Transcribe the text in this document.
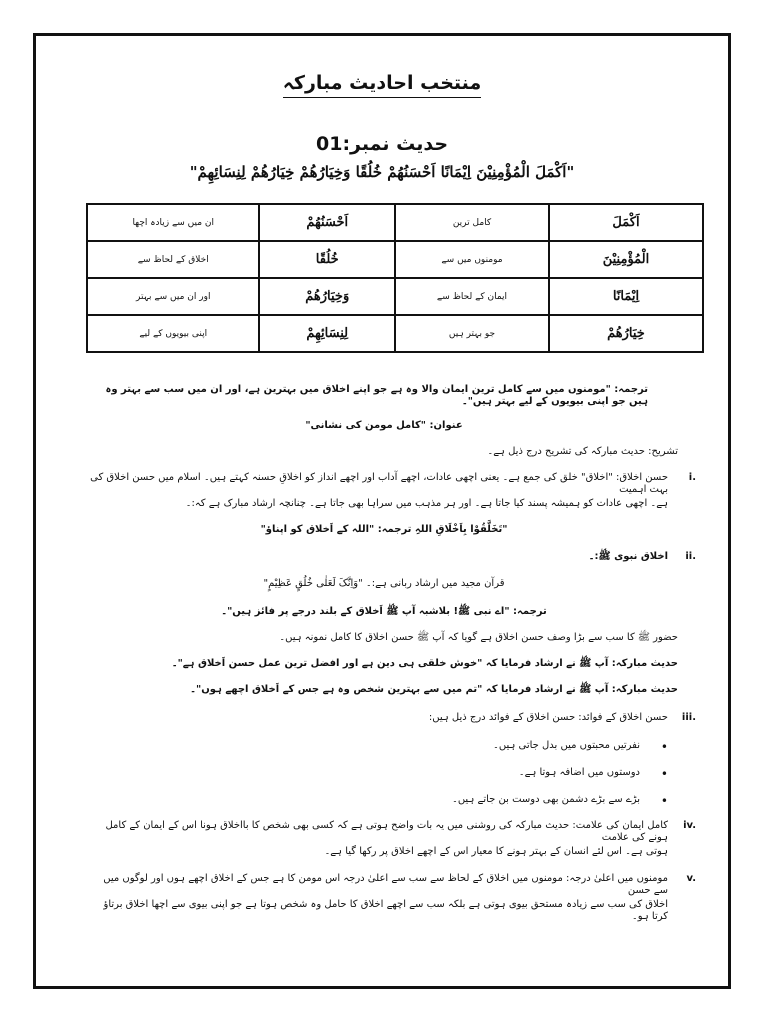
منتخب احادیث مبارکہ
حدیث نمبر:01
"اَکْمَلَ الْمُؤْمِنِیْنَ اِیْمَانًا اَحْسَنُھُمْ خُلُقًا وَخِیَارُھُمْ خِیَارُھُمْ لِنِسَائِھِمْ"
اَکْمَلَ	کامل ترین	اَحْسَنُھُمْ	ان میں سے زیادہ اچھا
الْمُؤْمِنِیْنَ	مومنوں میں سے	خُلُقًا	اخلاق کے لحاظ سے
اِیْمَانًا	ایمان کے لحاظ سے	وَخِیَارُھُمْ	اور ان میں سے بہتر
خِیَارُھُمْ	جو بہتر ہیں	لِنِسَائِھِمْ	اپنی بیویوں کے لیے
ترجمہ: "مومنوں میں سے کامل ترین ایمان والا وہ ہے جو اپنے اخلاق میں بہترین ہے، اور ان میں سب سے بہتر وہ ہیں جو اپنی بیویوں کے لیے بہتر ہیں"۔
عنوان: "کامل مومن کی نشانی"
تشریح: حدیث مبارکہ کی تشریح درج ذیل ہے۔
i.
حسن اخلاق: "اخلاق" خلق کی جمع ہے۔ یعنی اچھی عادات، اچھے آداب اور اچھے انداز کو اخلاقِ حسنہ کہتے ہیں۔ اسلام میں حسن اخلاق کی بہت اہمیت
ہے۔ اچھی عادات کو ہمیشہ پسند کیا جاتا ہے۔ اور ہر مذہب میں سراہا بھی جاتا ہے۔ چنانچہ ارشاد مبارک ہے کہ:۔
"تَخَلَّقُوْا بِاَخْلَاقِ اللہِ ترجمہ: "اللہ کے اَخلاق کو اپناؤ"
ii.
اخلاق نبوی ﷺ:۔
قرآن مجید میں ارشاد ربانی ہے:۔ "وَاِنَّکَ لَعَلٰی خُلُقٍ عَظِیْمٍ"
ترجمہ: "اے نبی ﷺ! بلاشبہ آپ ﷺ اَخلاق کے بلند درجے پر فائز ہیں"۔
حضور ﷺ کا سب سے بڑا وصف حسن اخلاق ہے گویا کہ آپ ﷺ حسن اخلاق کا کامل نمونہ ہیں۔
حدیث مبارکہ: آپ ﷺ نے ارشاد فرمایا کہ "خوش خلقی ہی دین ہے اور افضل ترین عمل حسن اَخلاق ہے"۔
حدیث مبارکہ: آپ ﷺ نے ارشاد فرمایا کہ "تم میں سے بہترین شخص وہ ہے جس کے اَخلاق اچھے ہوں"۔
iii.
حسن اخلاق کے فوائد: حسن اخلاق کے فوائد درج ذیل ہیں:
•
نفرتیں محبتوں میں بدل جاتی ہیں۔
•
دوستوں میں اضافہ ہوتا ہے۔
•
بڑے سے بڑے دشمن بھی دوست بن جاتے ہیں۔
iv.
کامل ایمان کی علامت: حدیث مبارکہ کی روشنی میں یہ بات واضح ہوتی ہے کہ کسی بھی شخص کا بااخلاق ہونا اس کے ایمان کے کامل ہونے کی علامت
ہوتی ہے۔ اس لئے انسان کے بہتر ہونے کا معیار اس کے اچھے اخلاق پر رکھا گیا ہے۔
v.
مومنوں میں اعلیٰ درجہ: مومنوں میں اخلاق کے لحاظ سے سب سے اعلیٰ درجہ اس مومن کا ہے جس کے اخلاق اچھے ہوں اور لوگوں میں سے حسن
اخلاق کی سب سے زیادہ مستحق بیوی ہوتی ہے بلکہ سب سے اچھے اخلاق کا حامل وہ شخص ہوتا ہے جو اپنی بیوی سے اچھا اخلاق برتاؤ کرتا ہو۔
